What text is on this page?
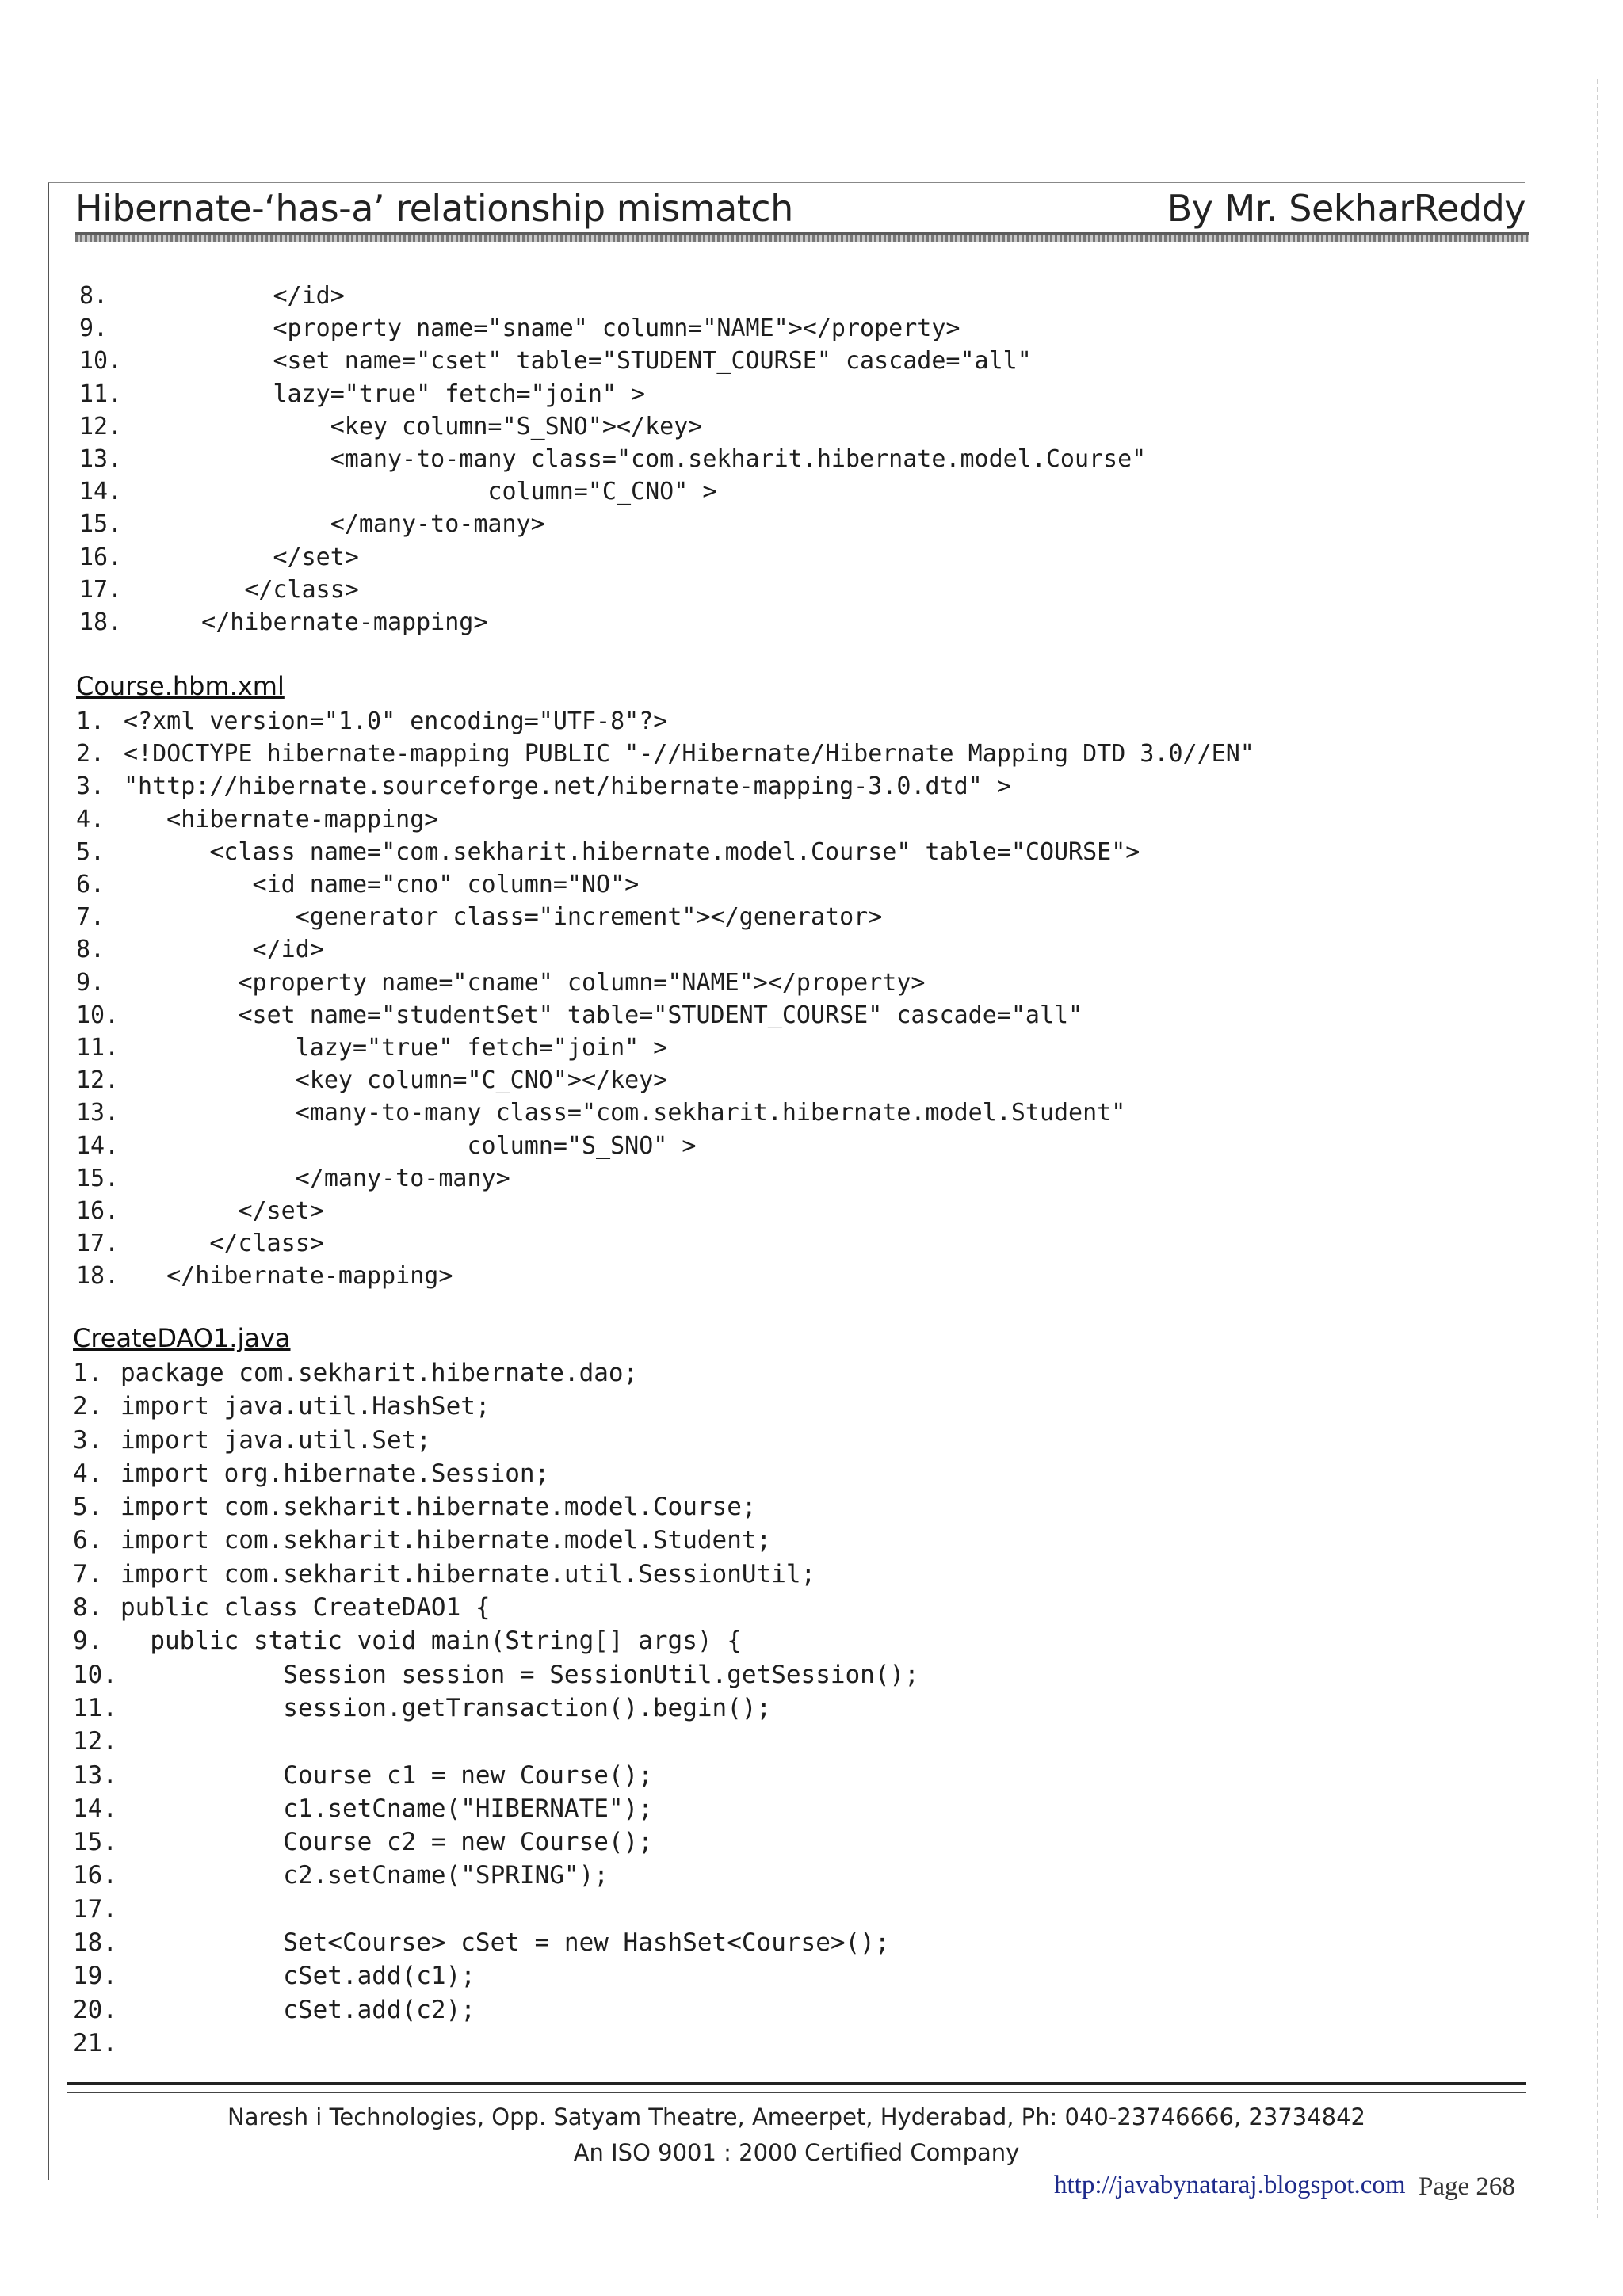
Hibernate-‘has-a’ relationship mismatch	By Mr. SekharReddy
8.        </id>
9.        <property name="sname" column="NAME"></property>
10.        <set name="cset" table="STUDENT_COURSE" cascade="all"
11.        lazy="true" fetch="join" >
12.            <key column="S_SNO"></key>
13.            <many-to-many class="com.sekharit.hibernate.model.Course"
14.                       column="C_CNO" >
15.            </many-to-many>
16.        </set>
17.      </class>
18.   </hibernate-mapping>
Course.hbm.xml
1. <?xml version="1.0" encoding="UTF-8"?>
2. <!DOCTYPE hibernate-mapping PUBLIC "-//Hibernate/Hibernate Mapping DTD 3.0//EN"
3. "http://hibernate.sourceforge.net/hibernate-mapping-3.0.dtd" >
4.   <hibernate-mapping>
5.      <class name="com.sekharit.hibernate.model.Course" table="COURSE">
6.         <id name="cno" column="NO">
7.            <generator class="increment"></generator>
8.         </id>
9.        <property name="cname" column="NAME"></property>
10.        <set name="studentSet" table="STUDENT_COURSE" cascade="all"
11.            lazy="true" fetch="join" >
12.            <key column="C_CNO"></key>
13.            <many-to-many class="com.sekharit.hibernate.model.Student"
14.                        column="S_SNO" >
15.            </many-to-many>
16.        </set>
17.      </class>
18.   </hibernate-mapping>
CreateDAO1.java
1. package com.sekharit.hibernate.dao;
2. import java.util.HashSet;
3. import java.util.Set;
4. import org.hibernate.Session;
5. import com.sekharit.hibernate.model.Course;
6. import com.sekharit.hibernate.model.Student;
7. import com.sekharit.hibernate.util.SessionUtil;
8. public class CreateDAO1 {
9.  public static void main(String[] args) {
10.           Session session = SessionUtil.getSession();
11.           session.getTransaction().begin();
12.
13.           Course c1 = new Course();
14.           c1.setCname("HIBERNATE");
15.           Course c2 = new Course();
16.           c2.setCname("SPRING");
17.
18.           Set<Course> cSet = new HashSet<Course>();
19.           cSet.add(c1);
20.           cSet.add(c2);
21.
Naresh i Technologies, Opp. Satyam Theatre, Ameerpet, Hyderabad, Ph: 040-23746666, 23734842
An ISO 9001 : 2000 Certified Company
http://javabynataraj.blogspot.com Page 268
